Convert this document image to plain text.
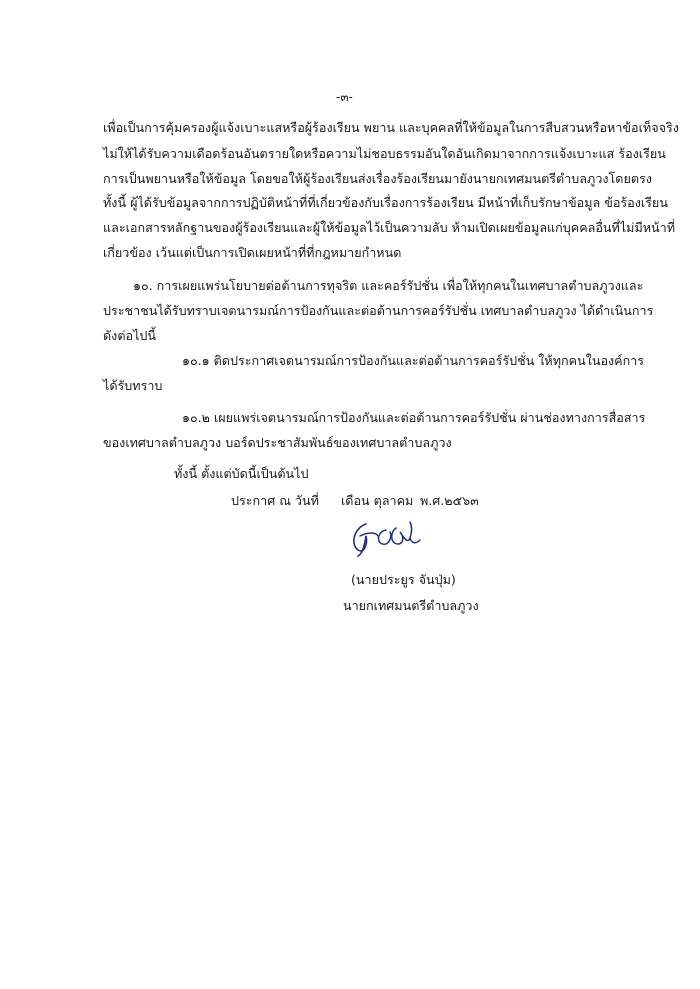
-๓-
เพื่อเป็นการคุ้มครองผู้แจ้งเบาะแสหรือผู้ร้องเรียน พยาน และบุคคลที่ให้ข้อมูลในการสืบสวนหรือหาข้อเท็จจริง
ไม่ให้ได้รับความเดือดร้อนอันตรายใดหรือความไม่ชอบธรรมอันใดอันเกิดมาจากการแจ้งเบาะแส ร้องเรียน
การเป็นพยานหรือให้ข้อมูล โดยขอให้ผู้ร้องเรียนส่งเรื่องร้องเรียนมายังนายกเทศมนตรีตำบลภูวงโดยตรง
ทั้งนี้ ผู้ได้รับข้อมูลจากการปฏิบัติหน้าที่ที่เกี่ยวข้องกับเรื่องการร้องเรียน มีหน้าที่เก็บรักษาข้อมูล ข้อร้องเรียน
และเอกสารหลักฐานของผู้ร้องเรียนและผู้ให้ข้อมูลไว้เป็นความลับ ห้ามเปิดเผยข้อมูลแก่บุคคลอื่นที่ไม่มีหน้าที่
เกี่ยวข้อง เว้นแต่เป็นการเปิดเผยหน้าที่ที่กฎหมายกำหนด
๑๐. การเผยแพร่นโยบายต่อต้านการทุจริต และคอร์รัปชั่น เพื่อให้ทุกคนในเทศบาลตำบลภูวงและ
ประชาชนได้รับทราบเจตนารมณ์การป้องกันและต่อต้านการคอร์รัปชั่น เทศบาลตำบลภูวง ได้ดำเนินการ
ดังต่อไปนี้
๑๐.๑ ติดประกาศเจตนารมณ์การป้องกันและต่อต้านการคอร์รัปชั่น ให้ทุกคนในองค์การ
ได้รับทราบ
๑๐.๒ เผยแพร่เจตนารมณ์การป้องกันและต่อต้านการคอร์รัปชั่น ผ่านช่องทางการสื่อสาร
ของเทศบาลตำบลภูวง บอร์ดประชาสัมพันธ์ของเทศบาลตำบลภูวง
ทั้งนี้ ตั้งแต่บัดนี้เป็นต้นไป
ประกาศ ณ วันที่ เดือน ตุลาคม พ.ศ.๒๕๖๓
(นายประยูร จันปุ่ม)
นายกเทศมนตรีตำบลภูวง
